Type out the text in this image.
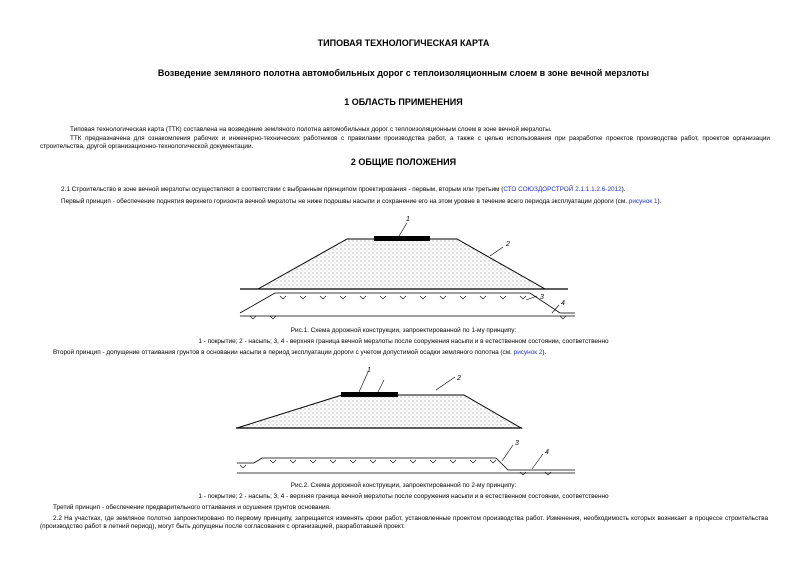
ТИПОВАЯ ТЕХНОЛОГИЧЕСКАЯ КАРТА
Возведение земляного полотна автомобильных дорог с теплоизоляционным слоем в зоне вечной мерзлоты
1 ОБЛАСТЬ ПРИМЕНЕНИЯ
Типовая технологическая карта (ТТК) составлена на возведение земляного полотна автомобильных дорог с теплоизоляционным слоем в зоне вечной мерзлоты.
ТТК предназначена для ознакомления рабочих и инженерно-технических работников с правилами производства работ, а также с целью использования при разработке проектов производства работ, проектов организации строительства, другой организационно-технологической документации.
2 ОБЩИЕ ПОЛОЖЕНИЯ
2.1 Строительство в зоне вечной мерзлоты осуществляют в соответствии с выбранным принципом проектирования - первым, вторым или третьим (СТО СОЮЗДОРСТРОЙ 2.1.1.1.2.6-2012).
Первый принцип - обеспечение поднятия верхнего горизонта вечной мерзлоты не ниже подошвы насыпи и сохранение его на этом уровне в течение всего периода эксплуатации дороги (см. рисунок 1).
1
2
3
4
1
2
3
4
Рис.1. Схема дорожной конструкции, запроектированной по 1-му принципу:
1 - покрытие; 2 - насыпь; 3, 4 - верхняя граница вечной мерзлоты после сооружения насыпи и в естественном состоянии, соответственно
Второй принцип - допущение оттаивания грунтов в основании насыпи в период эксплуатации дороги с учетом допустимой осадки земляного полотна (см. рисунок 2).
Рис.2. Схема дорожной конструкции, запроектированной по 2-му принципу:
1 - покрытие; 2 - насыпь; 3, 4 - верхняя граница вечной мерзлоты после сооружения насыпи и в естественном состоянии, соответственно
Третий принцип - обеспечение предварительного оттаивания и осушения грунтов основания.
2.2 На участках, где земляное полотно запроектировано по первому принципу, запрещается изменять сроки работ, установленные проектом производства работ. Изменения, необходимость которых возникает в процессе строительства (производство работ в летний период), могут быть допущены после согласования с организацией, разработавшей проект.
